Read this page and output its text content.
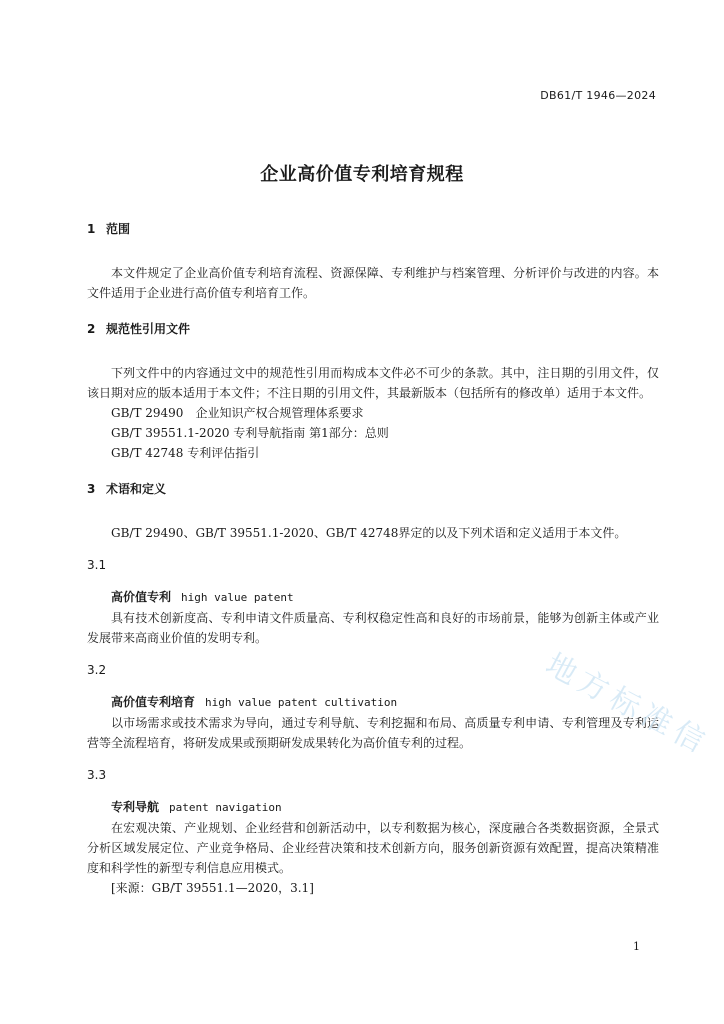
DB61/T 1946—2024
企业高价值专利培育规程
1 范围

本文件规定了企业高价值专利培育流程、资源保障、专利维护与档案管理、分析评价与改进的内容。本文件适用于企业进行高价值专利培育工作。

2 规范性引用文件

下列文件中的内容通过文中的规范性引用而构成本文件必不可少的条款。其中，注日期的引用文件，仅该日期对应的版本适用于本文件；不注日期的引用文件，其最新版本（包括所有的修改单）适用于本文件。

GB/T 29490　企业知识产权合规管理体系要求

GB/T 39551.1-2020 专利导航指南 第1部分：总则

GB/T 42748 专利评估指引

3 术语和定义

GB/T 29490、GB/T 39551.1-2020、GB/T 42748界定的以及下列术语和定义适用于本文件。

3.1

高价值专利 high value patent

具有技术创新度高、专利申请文件质量高、专利权稳定性高和良好的市场前景，能够为创新主体或产业发展带来高商业价值的发明专利。

3.2

高价值专利培育 high value patent cultivation

以市场需求或技术需求为导向，通过专利导航、专利挖掘和布局、高质量专利申请、专利管理及专利运营等全流程培育，将研发成果或预期研发成果转化为高价值专利的过程。

3.3

专利导航 patent navigation

在宏观决策、产业规划、企业经营和创新活动中，以专利数据为核心，深度融合各类数据资源，全景式分析区域发展定位、产业竞争格局、企业经营决策和技术创新方向，服务创新资源有效配置，提高决策精准度和科学性的新型专利信息应用模式。

[来源：GB/T 39551.1—2020，3.1]

地方标准信
1
